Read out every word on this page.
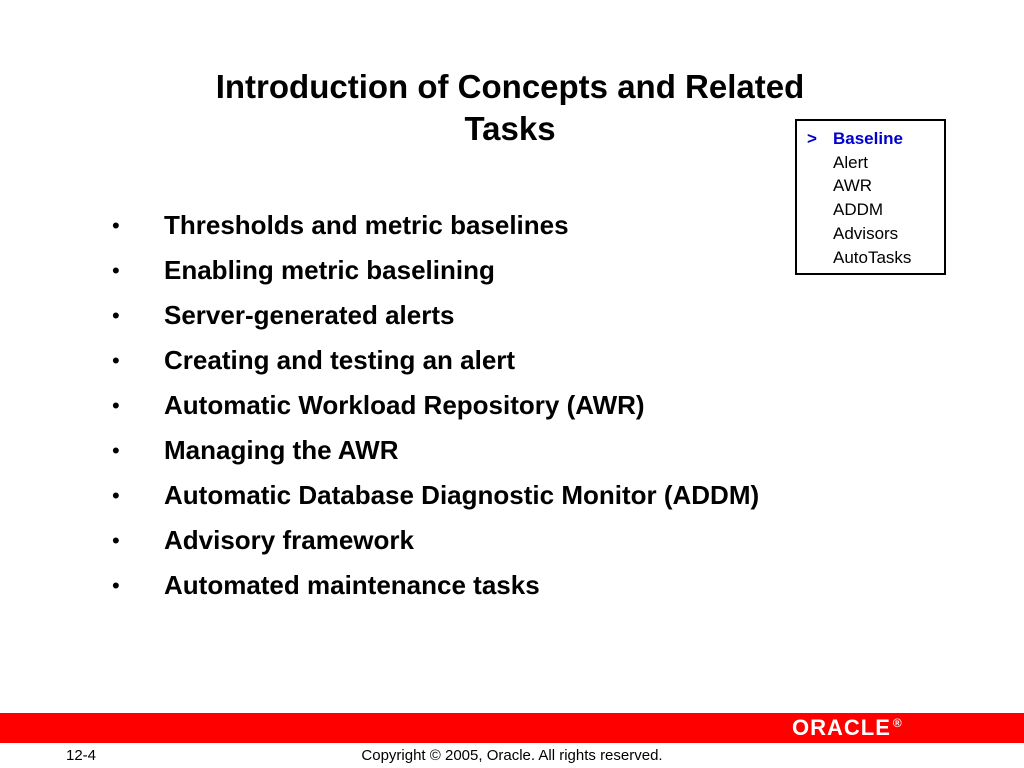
Introduction of Concepts and Related
Tasks	> Baseline
Alert
AWR
ADDM
Advisors
AutoTasks
•	Thresholds and metric baselines
•	Enabling metric baselining
•	Server-generated alerts
•	Creating and testing an alert
•	Automatic Workload Repository (AWR)
•	Managing the AWR
•	Automatic Database Diagnostic Monitor (ADDM)
•	Advisory framework
•	Automated maintenance tasks
ORACLE ®
12-4	Copyright © 2005, Oracle. All rights reserved.
